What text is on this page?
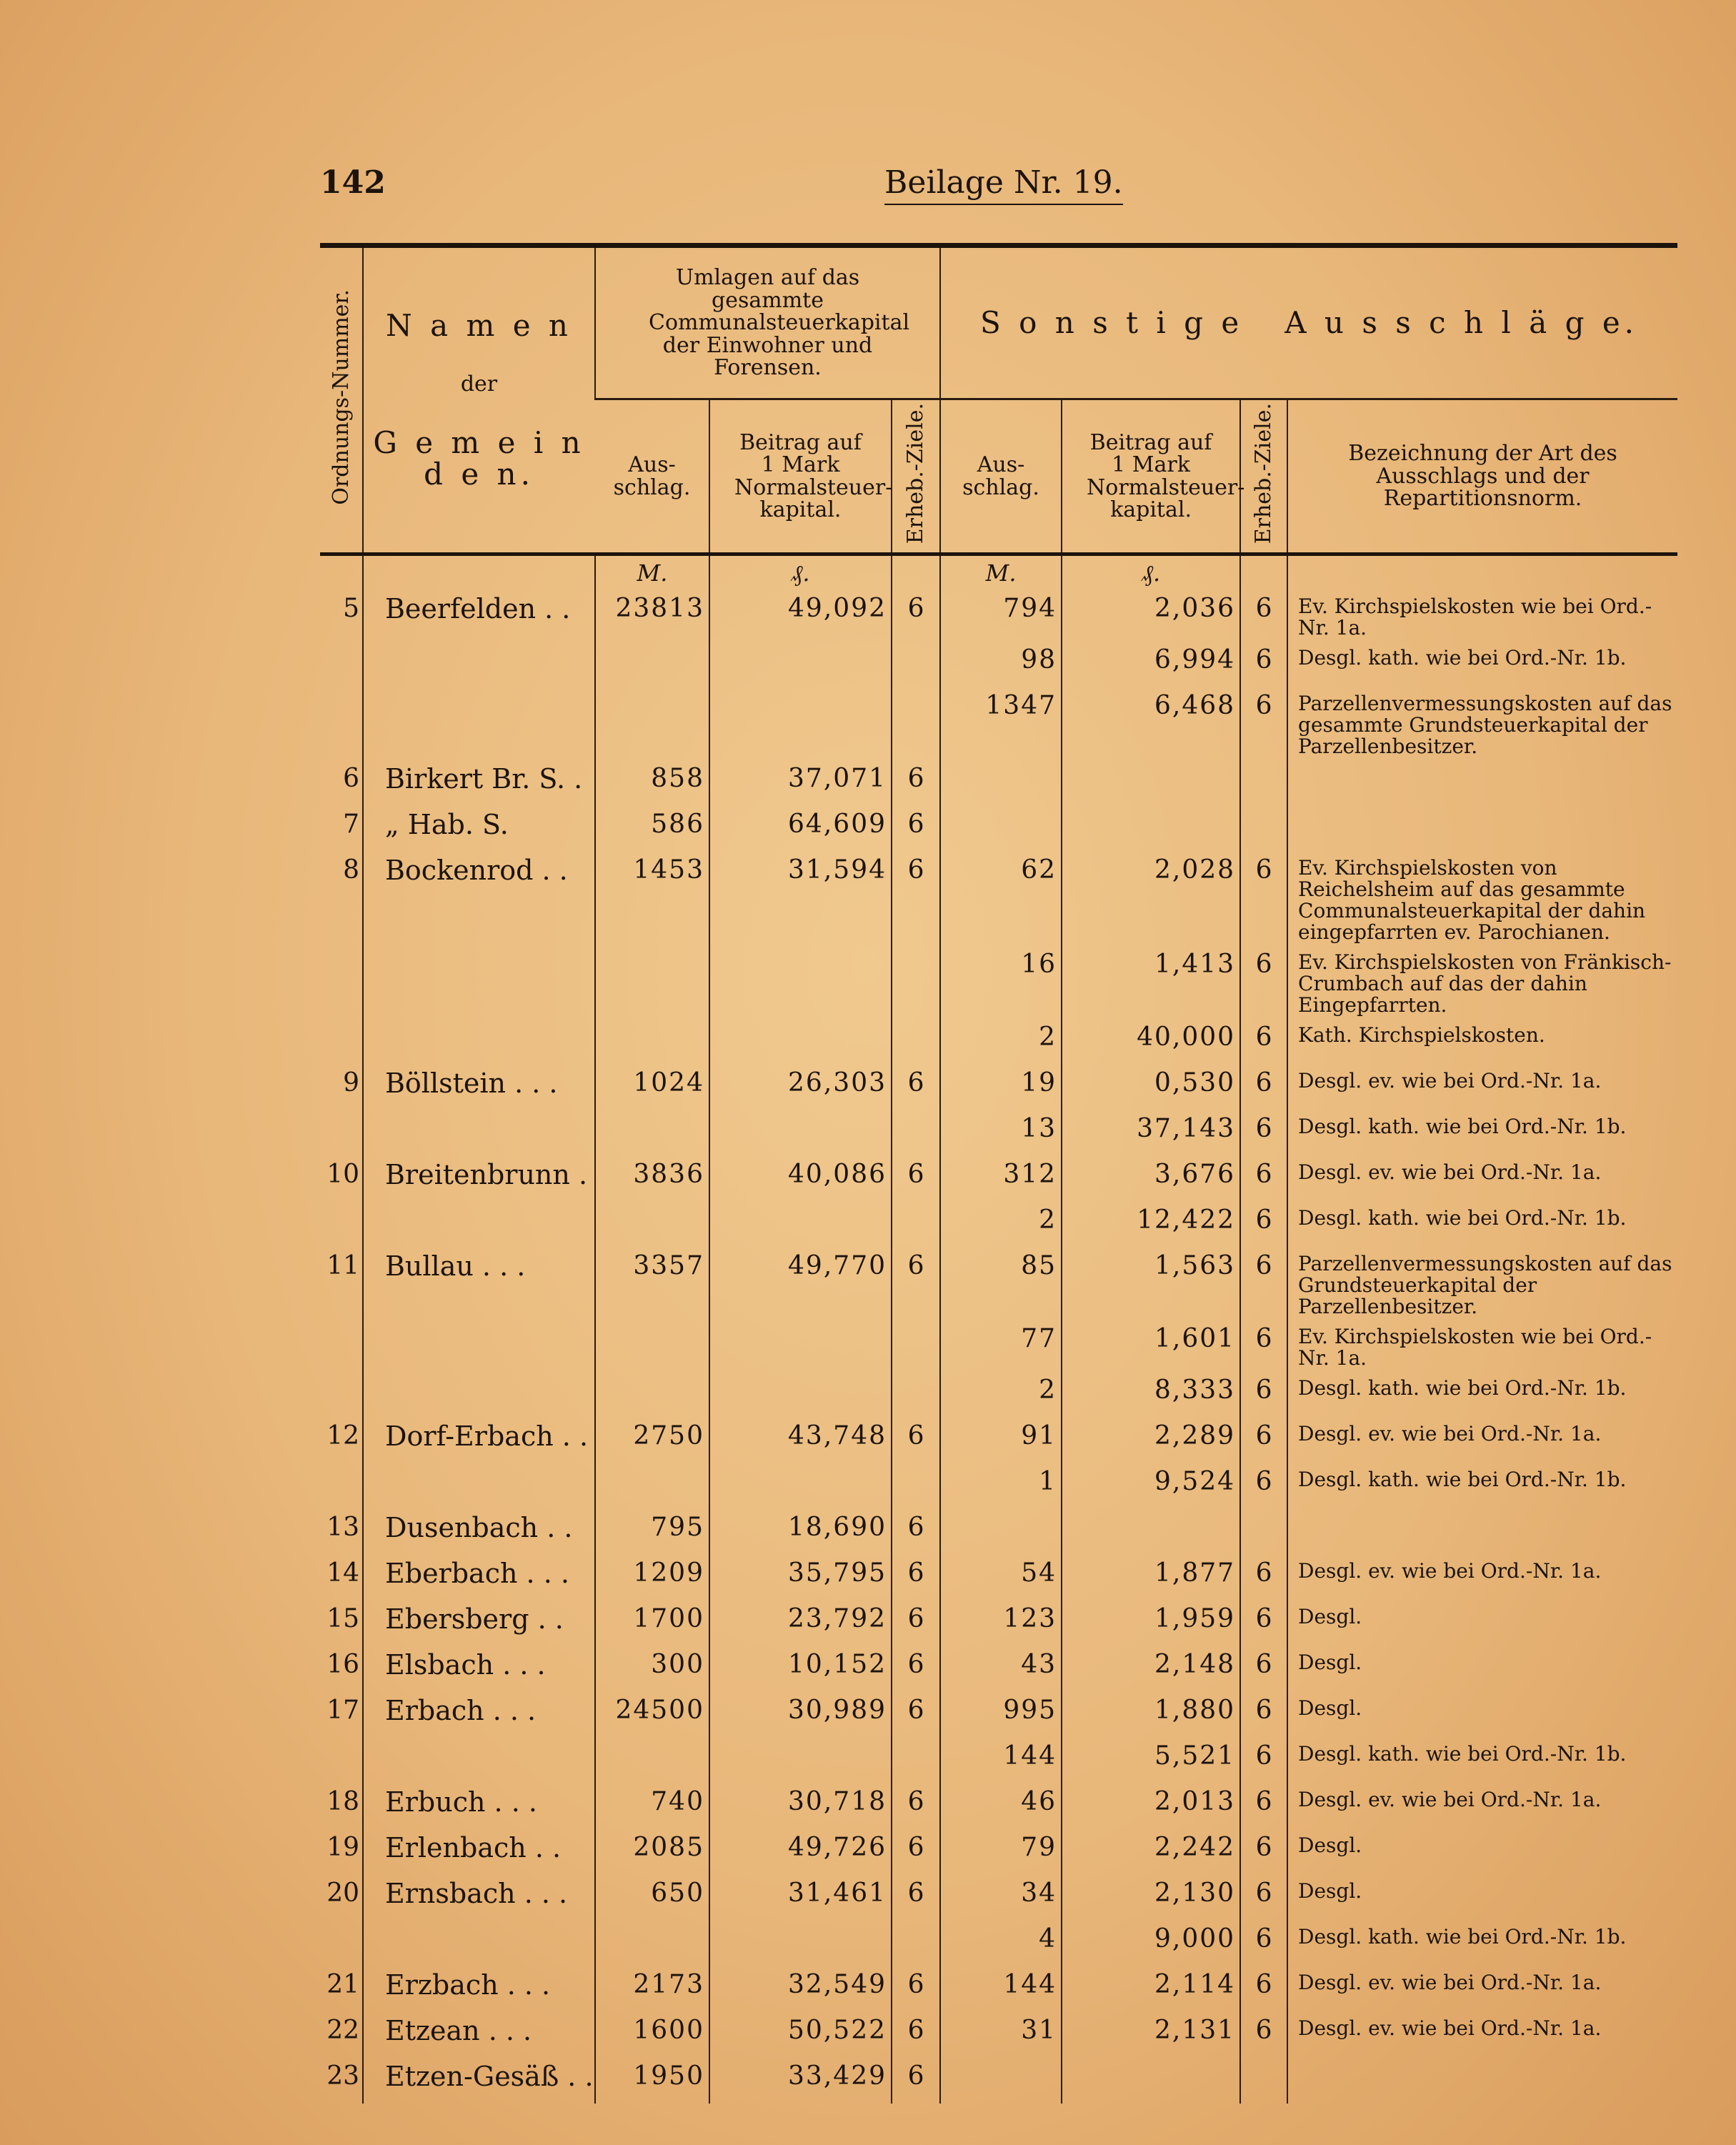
142	Beilage Nr. 19.
Ordnungs-Nummer.	N a m e n
der
G e m e i n d e n.	Umlagen auf das gesammte Communalsteuerkapital der Einwohner und Forensen.			S o n s t i g e   A u s s c h l ä g e.			

		Aus-schlag.	Beitrag auf 1 Mark Normalsteuer-kapital.	Erheb.-Ziele.	Aus-schlag.	Beitrag auf 1 Mark Normalsteuer-kapital.	Erheb.-Ziele.	Bezeichnung der Art des Ausschlags und der Repartitionsnorm.

		M.	₰.		M.	₰.		
5	Beerfelden . .	23813	49,092	6	794	2,036	6	Ev. Kirchspielskosten wie bei Ord.-Nr. 1a.
					98	6,994	6	Desgl. kath. wie bei Ord.-Nr. 1b.
					1347	6,468	6	Parzellenvermessungskosten auf das gesammte Grundsteuerkapital der Parzellenbesitzer.
6	Birkert Br. S. .	858	37,071	6				
7	„ Hab. S.	586	64,609	6				
8	Bockenrod . .	1453	31,594	6	62	2,028	6	Ev. Kirchspielskosten von Reichelsheim auf das gesammte Communalsteuerkapital der dahin eingepfarrten ev. Parochianen.
					16	1,413	6	Ev. Kirchspielskosten von Fränkisch-Crumbach auf das der dahin Eingepfarrten.
					2	40,000	6	Kath. Kirchspielskosten.
9	Böllstein . . .	1024	26,303	6	19	0,530	6	Desgl. ev. wie bei Ord.-Nr. 1a.
					13	37,143	6	Desgl. kath. wie bei Ord.-Nr. 1b.
10	Breitenbrunn .	3836	40,086	6	312	3,676	6	Desgl. ev. wie bei Ord.-Nr. 1a.
					2	12,422	6	Desgl. kath. wie bei Ord.-Nr. 1b.
11	Bullau . . .	3357	49,770	6	85	1,563	6	Parzellenvermessungskosten auf das Grundsteuerkapital der Parzellenbesitzer.
					77	1,601	6	Ev. Kirchspielskosten wie bei Ord.-Nr. 1a.
					2	8,333	6	Desgl. kath. wie bei Ord.-Nr. 1b.
12	Dorf-Erbach . .	2750	43,748	6	91	2,289	6	Desgl. ev. wie bei Ord.-Nr. 1a.
					1	9,524	6	Desgl. kath. wie bei Ord.-Nr. 1b.
13	Dusenbach . .	795	18,690	6				
14	Eberbach . . .	1209	35,795	6	54	1,877	6	Desgl. ev. wie bei Ord.-Nr. 1a.
15	Ebersberg . .	1700	23,792	6	123	1,959	6	Desgl.
16	Elsbach . . .	300	10,152	6	43	2,148	6	Desgl.
17	Erbach . . .	24500	30,989	6	995	1,880	6	Desgl.
					144	5,521	6	Desgl. kath. wie bei Ord.-Nr. 1b.
18	Erbuch . . .	740	30,718	6	46	2,013	6	Desgl. ev. wie bei Ord.-Nr. 1a.
19	Erlenbach . .	2085	49,726	6	79	2,242	6	Desgl.
20	Ernsbach . . .	650	31,461	6	34	2,130	6	Desgl.
					4	9,000	6	Desgl. kath. wie bei Ord.-Nr. 1b.
21	Erzbach . . .	2173	32,549	6	144	2,114	6	Desgl. ev. wie bei Ord.-Nr. 1a.
22	Etzean . . .	1600	50,522	6	31	2,131	6	Desgl. ev. wie bei Ord.-Nr. 1a.
23	Etzen-Gesäß . .	1950	33,429	6				
